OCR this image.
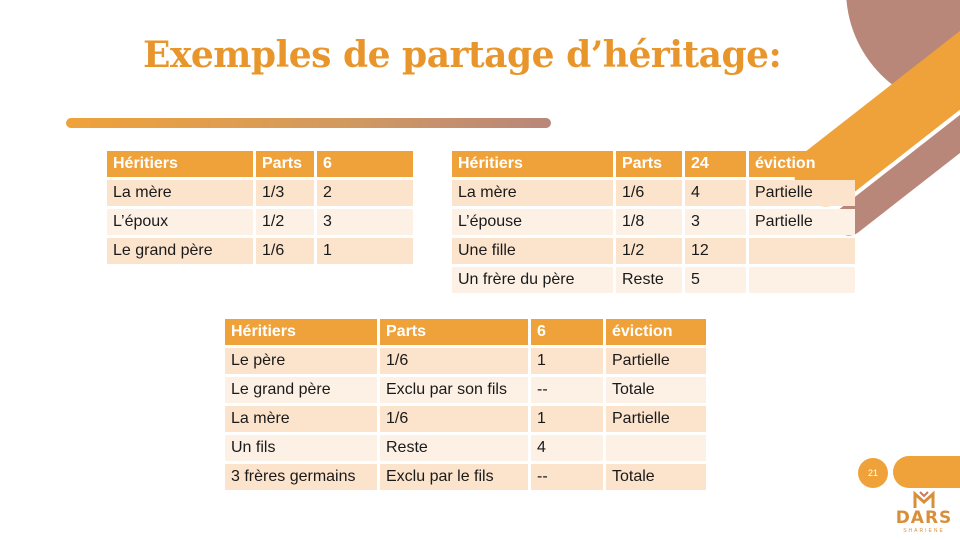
Exemples de partage d’héritage:
Héritiers	Parts	6
La mère	1/3	2
L’époux	1/2	3
Le grand père	1/6	1
Héritiers	Parts	24	éviction
La mère	1/6	4	Partielle
L’épouse	1/8	3	Partielle
Une fille	1/2	12	
Un frère du père	Reste	5	
Héritiers	Parts	6	éviction
Le père	1/6	1	Partielle
Le grand père	Exclu par son fils	--	Totale
La mère	1/6	1	Partielle
Un fils	Reste	4	
3 frères germains	Exclu par le fils	--	Totale	21
DARS
SHARIENE
